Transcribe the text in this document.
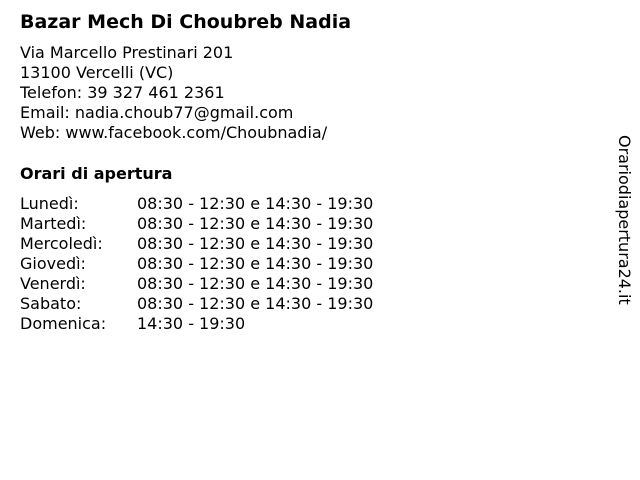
Bazar Mech Di Choubreb Nadia
Via Marcello Prestinari 201
13100 Vercelli (VC)
Telefon: 39 327 461 2361
Email: nadia.choub77@gmail.com
Web: www.facebook.com/Choubnadia/
Orari di apertura
Lunedì:	08:30 - 12:30 e 14:30 - 19:30
Martedì:	08:30 - 12:30 e 14:30 - 19:30
Mercoledì:	08:30 - 12:30 e 14:30 - 19:30
Giovedì:	08:30 - 12:30 e 14:30 - 19:30
Venerdì:	08:30 - 12:30 e 14:30 - 19:30
Sabato:	08:30 - 12:30 e 14:30 - 19:30
Domenica:	14:30 - 19:30
Orariodiapertura24.it
